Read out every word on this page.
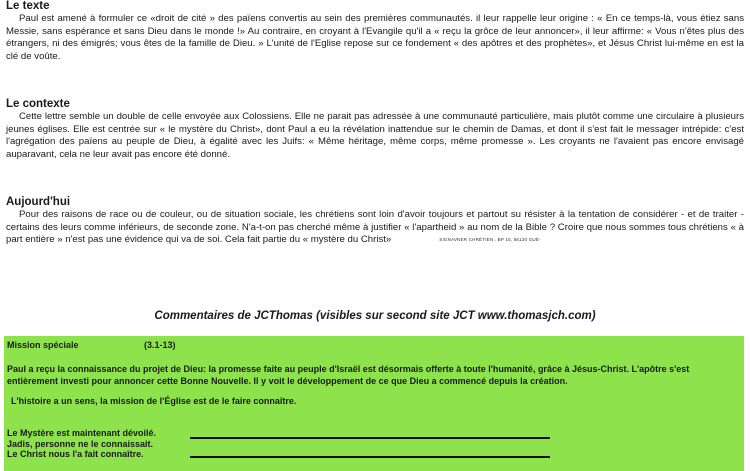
Le texte

Paul est amené à formuler ce «droit de cité » des païens convertis au sein des premières communautés. il leur rappelle leur origine : « En ce temps-là, vous étiez sans Messie, sans espérance et sans Dieu dans le monde !» Au contraire, en croyant à l'Evangile qu'il a « reçu la grôce de leur annoncer», il leur affirme: « Vous n'êtes plus des étrangers, ni des émigrés; vous êtes de la famille de Dieu. » L'unité de l'Eglise repose sur ce fondement « des apôtres et des prophètes», et Jésus Christ lui-même en est la clé de voûte.

Le contexte

Cette lettre semble un double de celle envoyée aux Colossiens. Elle ne parait pas adressée à une communauté particulière, mais plutôt comme une circulaire à plusieurs jeunes églises. Elle est centrée sur « le mystère du Christ», dont Paul a eu la révélation inattendue sur le chemin de Damas, et dont il s'est fait le messager intrépide: c'est l'agrégation des païens au peuple de Dieu, à égalité avec les Juifs: « Même héritage, même corps, même promesse ». Les croyants ne l'avaient pas encore envisagé auparavant, cela ne leur avait pas encore été donné.

Aujourd'hui

Pour des raisons de race ou de couleur, ou de situation sociale, les chrétiens sont loin d'avoir toujours et partout su résister à la tentation de considérer - et de traiter - certains des leurs comme inférieurs, de seconde zone. N'a-t-on pas cherché même à justifier « l'apartheid » au nom de la Bible ? Croire que nous sommes tous chrétiens « à part entière » n'est pas une évidence qui va de soi. Cela fait partie du « mystère du Christ»	SIGNAVNER CHRÉTIEN , BP 15, 56120 GUÉ-

Commentaires de JCThomas (visibles sur second site JCT www.thomasjch.com)
Mission spéciale	(3.1-13)
Paul a reçu la connaissance du projet de Dieu: la promesse faite au peuple d'Israël est désormais offerte à toute l'humanité, grâce à Jésus-Christ. L'apôtre s'est entièrement investi pour annoncer cette Bonne Nouvelle. Il y voit le développement de ce que Dieu a commencé depuis la création.
L'histoire a un sens, la mission de l'Église est de le faire connaître.
Le Mystère est maintenant dévoilé.
Jadis, personne ne le connaissait.
Le Christ nous l'a fait connaître.
